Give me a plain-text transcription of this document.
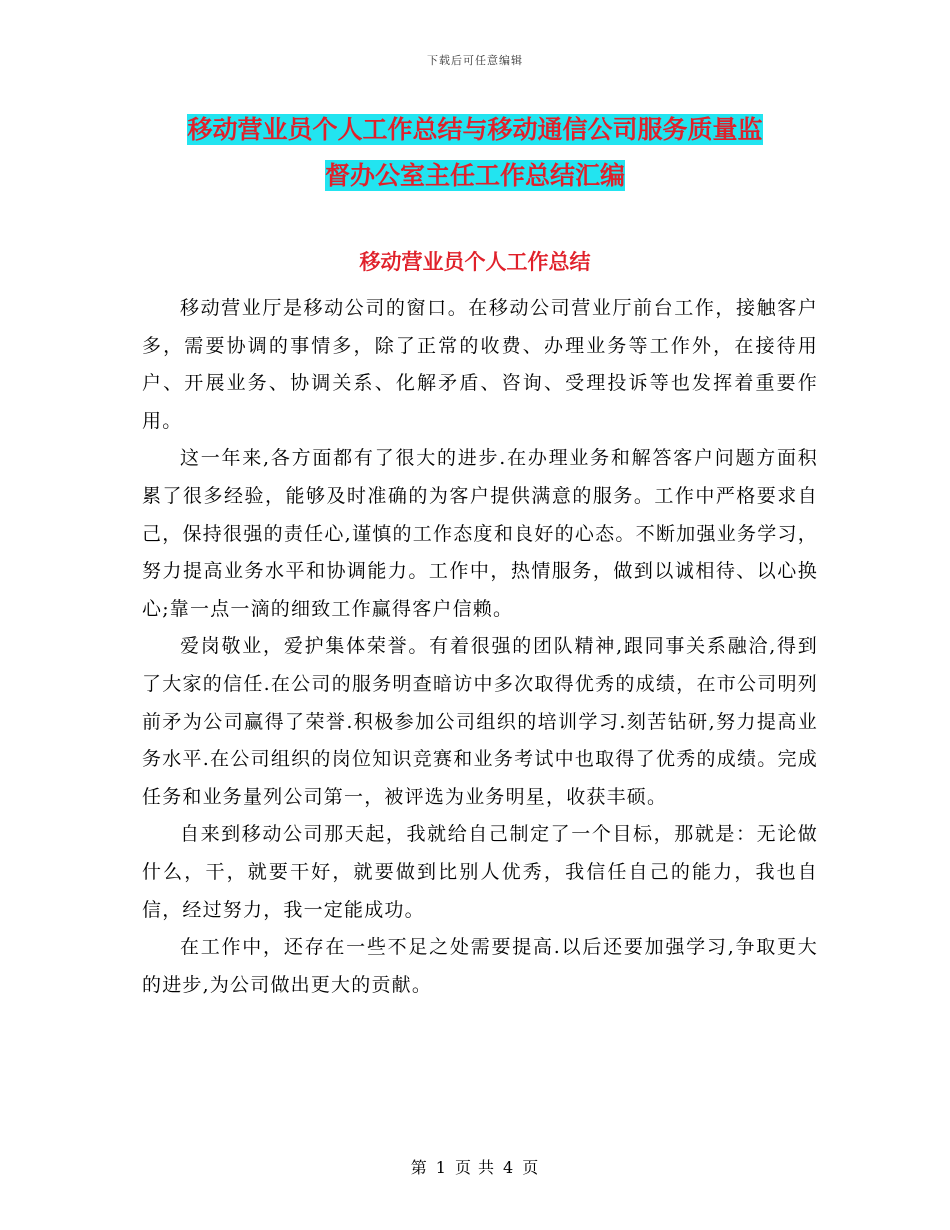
下载后可任意编辑
移动营业员个人工作总结与移动通信公司服务质量监
督办公室主任工作总结汇编
移动营业员个人工作总结

移动营业厅是移动公司的窗口。在移动公司营业厅前台工作，接触客户多，需要协调的事情多，除了正常的收费、办理业务等工作外，在接待用户、开展业务、协调关系、化解矛盾、咨询、受理投诉等也发挥着重要作用。

这一年来,各方面都有了很大的进步.在办理业务和解答客户问题方面积累了很多经验，能够及时准确的为客户提供满意的服务。工作中严格要求自己，保持很强的责任心,谨慎的工作态度和良好的心态。不断加强业务学习，努力提高业务水平和协调能力。工作中，热情服务，做到以诚相待、以心换心;靠一点一滴的细致工作赢得客户信赖。

爱岗敬业，爱护集体荣誉。有着很强的团队精神,跟同事关系融洽,得到了大家的信任.在公司的服务明查暗访中多次取得优秀的成绩，在市公司明列前矛为公司赢得了荣誉.积极参加公司组织的培训学习.刻苦钻研,努力提高业务水平.在公司组织的岗位知识竞赛和业务考试中也取得了优秀的成绩。完成任务和业务量列公司第一，被评选为业务明星，收获丰硕。

自来到移动公司那天起，我就给自己制定了一个目标，那就是：无论做什么，干，就要干好，就要做到比别人优秀，我信任自己的能力，我也自信，经过努力，我一定能成功。

在工作中，还存在一些不足之处需要提高.以后还要加强学习,争取更大的进步,为公司做出更大的贡献。

第 1 页 共 4 页
